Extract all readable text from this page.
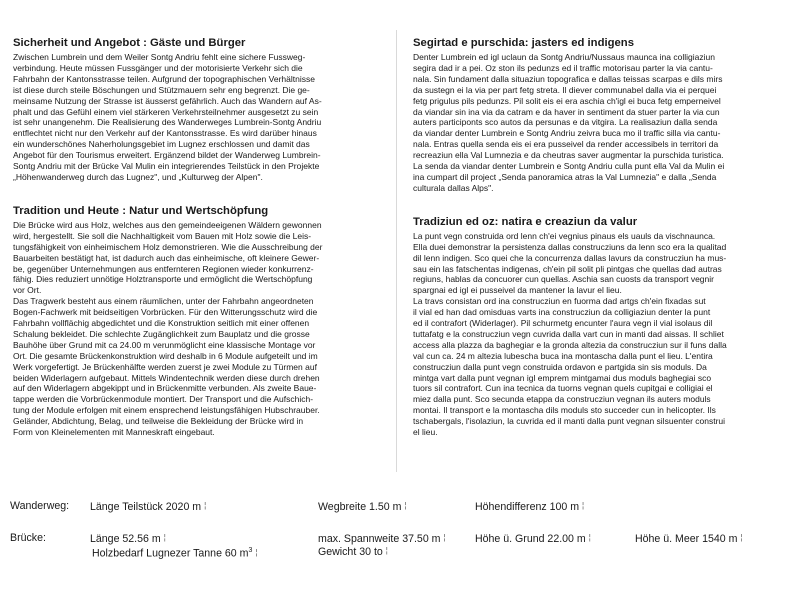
Sicherheit und Angebot : Gäste und Bürger

Zwischen Lumbrein und dem Weiler Sontg Andriu fehlt eine sichere Fussweg-
verbindung. Heute müssen Fussgänger und der motorisierte Verkehr sich die
Fahrbahn der Kantonsstrasse teilen. Aufgrund der topographischen Verhältnisse
ist diese durch steile Böschungen und Stützmauern sehr eng begrenzt. Die ge-
meinsame Nutzung der Strasse ist äusserst gefährlich. Auch das Wandern auf As-
phalt und das Gefühl einem viel stärkeren Verkehrsteilnehmer ausgesetzt zu sein
ist sehr unangenehm. Die Realisierung des Wanderweges Lumbrein-Sontg Andriu
entflechtet nicht nur den Verkehr auf der Kantonsstrasse. Es wird darüber hinaus
ein wunderschönes Naherholungsgebiet im Lugnez erschlossen und damit das
Angebot für den Tourismus erweitert. Ergänzend bildet der Wanderweg Lumbrein-
Sontg Andriu mit der Brücke Val Mulin ein integrierendes Teilstück in den Projekte
„Höhenwanderweg durch das Lugnez", und „Kulturweg der Alpen".

Tradition und Heute : Natur und Wertschöpfung

Die Brücke wird aus Holz, welches aus den gemeindeeigenen Wäldern gewonnen
wird, hergestellt. Sie soll die Nachhaltigkeit vom Bauen mit Holz sowie die Leis-
tungsfähigkeit von einheimischem Holz demonstrieren. Wie die Ausschreibung der
Bauarbeiten bestätigt hat, ist dadurch auch das einheimische, oft kleinere Gewer-
be, gegenüber Unternehmungen aus entfernteren Regionen wieder konkurrenz-
fähig. Dies reduziert unnötige Holztransporte und ermöglicht die Wertschöpfung
vor Ort.
Das Tragwerk besteht aus einem räumlichen, unter der Fahrbahn angeordneten
Bogen-Fachwerk mit beidseitigen Vorbrücken. Für den Witterungsschutz wird die
Fahrbahn vollflächig abgedichtet und die Konstruktion seitlich mit einer offenen
Schalung bekleidet. Die schlechte Zugänglichkeit zum Bauplatz und die grosse
Bauhöhe über Grund mit ca 24.00 m verunmöglicht eine klassische Montage vor
Ort. Die gesamte Brückenkonstruktion wird deshalb in 6 Module aufgeteilt und im
Werk vorgefertigt. Je Brückenhälfte werden zuerst je zwei Module zu Türmen auf
beiden Widerlagern aufgebaut. Mittels Windentechnik werden diese durch drehen
auf den Widerlagern abgekippt und in Brückenmitte verbunden. Als zweite Baue-
tappe werden die Vorbrückenmodule montiert. Der Transport und die Aufschich-
tung der Module erfolgen mit einem ensprechend leistungsfähigen Hubschrauber.
Geländer, Abdichtung, Belag, und teilweise die Bekleidung der Brücke wird in
Form von Kleinelementen mit Manneskraft eingebaut.

Segirtad e purschida: jasters ed indigens

Denter Lumbrein ed igl uclaun da Sontg Andriu/Nussaus maunca ina colligiaziun
segira dad ir a pei. Oz ston ils pedunzs ed il traffic motorisau parter la via cantu-
nala. Sin fundament dalla situaziun topografica e dallas teissas scarpas e dils mirs
da sustegn ei la via per part fetg streta. Il diever communabel dalla via ei perquei
fetg prigulus pils pedunzs. Pil solit eis ei era aschia ch'igl ei buca fetg emperneivel
da viandar sin ina via da catram e da haver in sentiment da stuer parter la via cun
auters participonts sco autos da persunas e da vitgira. La realisaziun dalla senda
da viandar denter Lumbrein e Sontg Andriu zeivra buca mo il traffic silla via cantu-
nala. Entras quella senda eis ei era pusseivel da render accessibels in territori da
recreaziun ella Val Lumnezia e da cheutras saver augmentar la purschida turistica.
La senda da viandar denter Lumbrein e Sontg Andriu culla punt ella Val da Mulin ei
ina cumpart dil project „Senda panoramica atras la Val Lumnezia" e dalla „Senda
culturala dallas Alps".

Tradiziun ed oz: natira e creaziun da valur

La punt vegn construida ord lenn ch'ei vegnius pinaus els uauls da vischnaunca.
Ella duei demonstrar la persistenza dallas construcziuns da lenn sco era la qualitad
dil lenn indigen. Sco quei che la concurrenza dallas lavurs da construcziun ha mus-
sau ein las fatschentas indigenas, ch'ein pil solit pli pintgas che quellas dad autras
regiuns, hablas da concuorer cun quellas. Aschia san cuosts da transport vegnir
spargnai ed igl ei pusseivel da mantener la lavur el lieu.
La travs consistan ord ina construcziun en fuorma dad artgs ch'ein fixadas sut
il vial ed han dad omisduas varts ina construcziun da colligiaziun denter la punt
ed il contrafort (Widerlager). Pil schurmetg encunter l'aura vegn il vial isolaus dil
tuttafatg e la construcziun vegn cuvrida dalla vart cun in manti dad aissas. Il schliet
access alla plazza da baghegiar e la gronda altezia da construcziun sur il funs dalla
val cun ca. 24 m altezia lubescha buca ina montascha dalla punt el lieu. L'entira
construcziun dalla punt vegn construida ordavon e partgida sin sis moduls. Da
mintga vart dalla punt vegnan igl emprem mintgamai dus moduls baghegiai sco
tuors sil contrafort. Cun ina tecnica da tuorns vegnan quels cupitgai e colligiai el
miez dalla punt. Sco secunda etappa da construcziun vegnan ils auters moduls
montai. Il transport e la montascha dils moduls sto succeder cun in helicopter. Ils
tschabergals, l'isolaziun, la cuvrida ed il manti dalla punt vegnan silsuenter construi
el lieu.

Wanderweg: Länge Teilstück 2020 m ¦	Wegbreite 1.50 m ¦	Höhendifferenz 100 m ¦
Brücke:	Länge 52.56 m ¦	max. Spannweite 37.50 m ¦	Höhe ü. Grund 22.00 m ¦	Höhe ü. Meer 1540 m ¦
Holzbedarf Lugnezer Tanne 60 $m^3$ ¦	Gewicht 30 to ¦
